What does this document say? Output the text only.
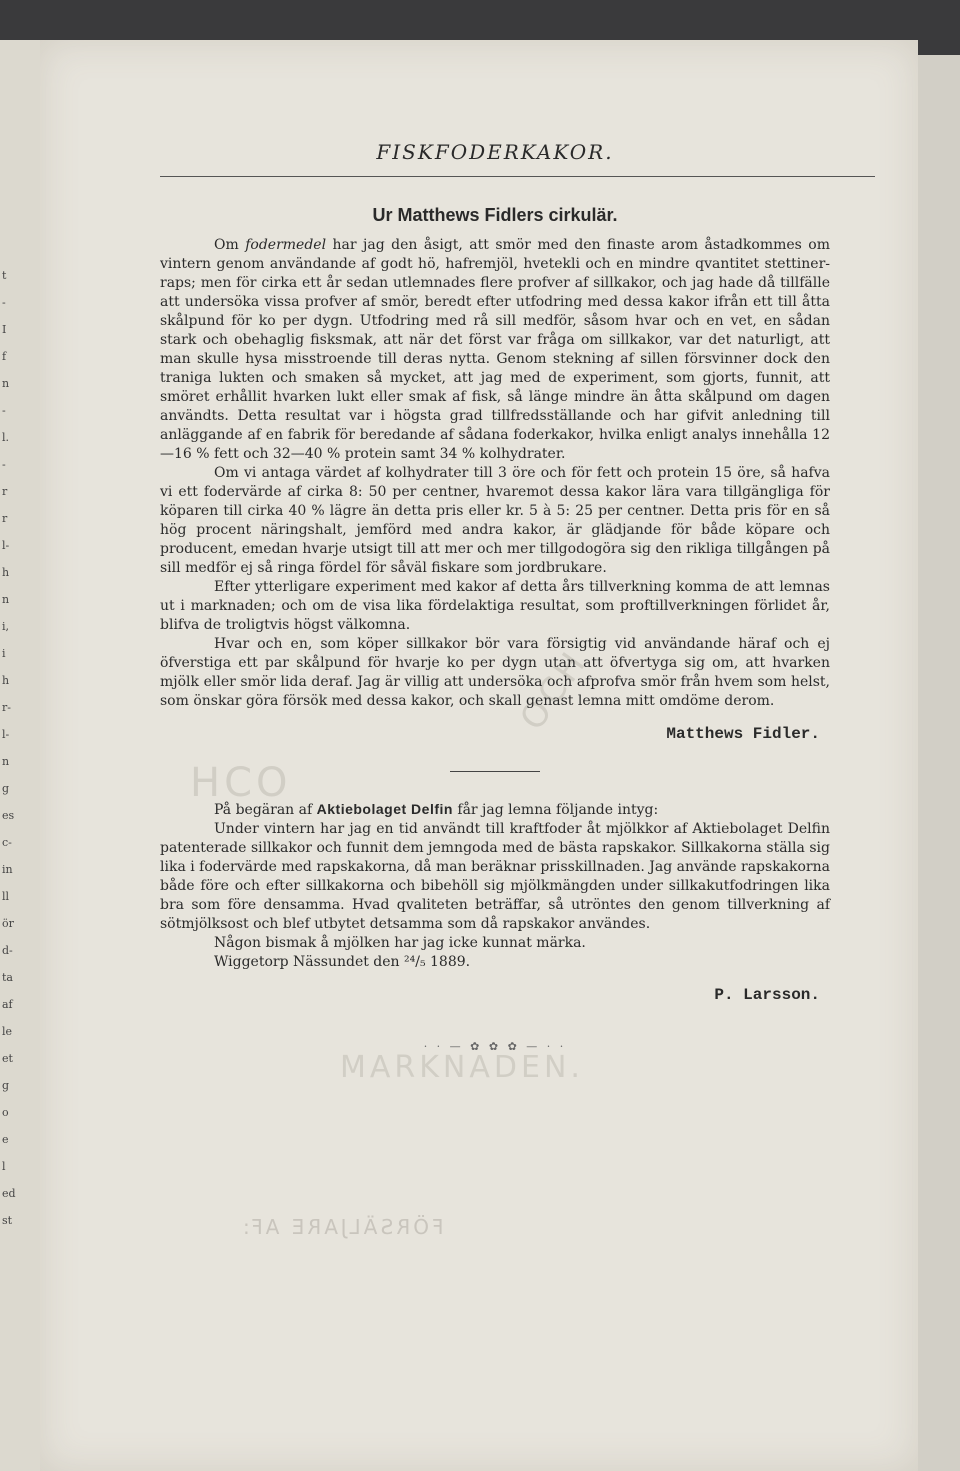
t
-
I
f
n
-
l.
-
r
r
l-
h
n
i,
i
h
r-
l-
n
g
es
c-
in
ll
ör
d-
ta
af
le
et
g
o
e
l
ed
st
HCO
OCH
MARKNADEN.
FÖRSÄLJARE AF:
FISKFODERKAKOR.
Ur Matthews Fidlers cirkulär.

Om fodermedel har jag den åsigt, att smör med den finaste arom åstadkommes om vintern genom användande af godt hö, hafremjöl, hvetekli och en mindre qvantitet stettiner-raps; men för cirka ett år sedan utlemnades flere profver af sillkakor, och jag hade då tillfälle att undersöka vissa profver af smör, beredt efter utfodring med dessa kakor ifrån ett till åtta skålpund för ko per dygn. Utfodring med rå sill medför, såsom hvar och en vet, en sådan stark och obehaglig fisksmak, att när det först var fråga om sillkakor, var det naturligt, att man skulle hysa misstroende till deras nytta. Genom stekning af sillen försvinner dock den traniga lukten och smaken så mycket, att jag med de experiment, som gjorts, funnit, att smöret erhållit hvarken lukt eller smak af fisk, så länge mindre än åtta skålpund om dagen användts. Detta resultat var i högsta grad tillfredsställande och har gifvit anledning till anläggande af en fabrik för beredande af sådana foderkakor, hvilka enligt analys innehålla 12—16 % fett och 32—40 % protein samt 34 % kolhydrater.

Om vi antaga värdet af kolhydrater till 3 öre och för fett och protein 15 öre, så hafva vi ett fodervärde af cirka 8: 50 per centner, hvaremot dessa kakor lära vara tillgängliga för köparen till cirka 40 % lägre än detta pris eller kr. 5 à 5: 25 per centner. Detta pris för en så hög procent näringshalt, jemförd med andra kakor, är glädjande för både köpare och producent, emedan hvarje utsigt till att mer och mer tillgodogöra sig den rikliga tillgången på sill medför ej så ringa fördel för såväl fiskare som jordbrukare.

Efter ytterligare experiment med kakor af detta års tillverkning komma de att lemnas ut i marknaden; och om de visa lika fördelaktiga resultat, som proftillverkningen förlidet år, blifva de troligtvis högst välkomna.

Hvar och en, som köper sillkakor bör vara försigtig vid användande häraf och ej öfverstiga ett par skålpund för hvarje ko per dygn utan att öfvertyga sig om, att hvarken mjölk eller smör lida deraf. Jag är villig att undersöka och afprofva smör från hvem som helst, som önskar göra försök med dessa kakor, och skall genast lemna mitt omdöme derom.

Matthews Fidler.

På begäran af Aktiebolaget Delfin får jag lemna följande intyg:

Under vintern har jag en tid användt till kraftfoder åt mjölkkor af Aktiebolaget Delfin patenterade sillkakor och funnit dem jemngoda med de bästa rapskakor. Sillkakorna ställa sig lika i fodervärde med rapskakorna, då man beräknar prisskillnaden. Jag använde rapskakorna både före och efter sillkakorna och bibehöll sig mjölkmängden under sillkakutfodringen lika bra som före densamma. Hvad qvaliteten beträffar, så utröntes den genom tillverkning af sötmjölksost och blef utbytet detsamma som då rapskakor användes.

Någon bismak å mjölken har jag icke kunnat märka.

Wiggetorp Nässundet den ²⁴/₅ 1889.

P. Larsson.
· · — ✿ ✿ ✿ — · ·
